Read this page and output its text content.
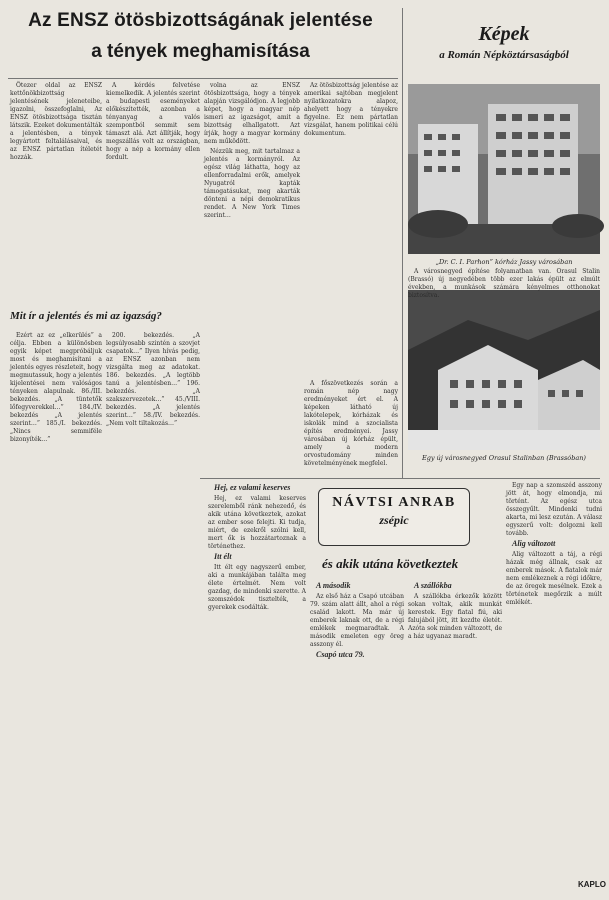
Az ENSZ ötösbizottságának jelentése
a tények meghamisítása
Képek
a Román Népköztársaságból

Ötezer oldal az ENSZ kettőnökbizottság jelentésének jeleneteibe, igazolni, összefoglalni, Az ENSZ ötösbizottsága tisztán látszik. Ezeket dokumentálták a jelentésben, a tények legyártott feltalálásaival, és az ENSZ pártatlan ítéletét hozzák.

A kérdés felvetése kiemelkedik. A jelentés szerint a budapesti eseményeket előkészítették, azonban a tényanyag a valós szempontból semmit sem támaszt alá. Azt állítják, hogy megszállás volt az országban, hogy a nép a kormány ellen fordult.

volna az ENSZ ötösbizottsága, hogy a tények alapján vizsgálódjon. A legjobb képet, hogy a magyar nép ismeri az igazságot, amit a bizottság elhallgatott. Azt írják, hogy a magyar kormány nem működött.

Nézzük meg, mit tartalmaz a jelentés a kormányról. Az egész világ láthatta, hogy az ellenforradalmi erők, amelyek Nyugatról kapták támogatásukat, meg akarták dönteni a népi demokratikus rendet. A New York Times szerint…

Az ötösbizottság jelentése az amerikai sajtóban megjelent nyilatkozatokra alapoz, ahelyett hogy a tényekre figyelne. Ez nem pártatlan vizsgálat, hanem politikai célú dokumentum.

Mit ír a jelentés és mi az igazság?

Ezért az ez „elkerülés” a célja. Ebben a különösben egyik képet megpróbáljuk most és meghamisítani a jelentés egyes részleteit, hogy megmutassuk, hogy a jelentés kijelentései nem valóságos tényeken alapulnak. 86./III. bekezdés. „A tüntetők lőfegyverekkel…” 184./IV. bekezdés „A jelentés szerint…” 185./I. bekezdés. „Nincs semmiféle bizonyíték…”

200. bekezdés. „A legsúlyosabb szintén a szovjet csapatok…” Ilyen hívás pedig, az ENSZ azonban nem vizsgálta meg az adatokat. 186. bekezdés. „A legtöbb tanú a jelentésben…” 196. bekezdés. „A szakszervezetek…” 45./VIII. bekezdés. „A jelentés szerint…” 58./IV. bekezdés. „Nem volt tiltakozás…”

„Dr. C. I. Parhon” kórház Jassy városában
Egy új városnegyed Orasul Stalinban (Brassóban)

Hej, ez valami keserves

Hej, ez valami keserves szerelemből ránk nehezedő, és akik utána következtek, azokat az ember sose felejti. Ki tudja, miért, de ezekről szólni kell, mert ők is hozzátartoznak a történethez.

Itt élt

Itt élt egy nagyszerű ember, aki a munkájában találta meg élete értelmét. Nem volt gazdag, de mindenki szerette. A szomszédok tisztelték, a gyerekek csodálták.

NÁVTSI ANRAB
zsépic
és akik utána következtek

A második

Az első ház a Csapó utcában 79. szám alatt állt, ahol a régi család lakott. Ma már új emberek laknak ott, de a régi emlékek megmaradtak. A második emeleten egy öreg asszony él.

Csapó utca 79.

A szállókba

A szállókba érkezők között sokan voltak, akik munkát kerestek. Egy fiatal fiú, aki falujából jött, itt kezdte életét. Azóta sok minden változott, de a ház ugyanaz maradt.

Egy nap a szomszéd asszony jött át, hogy elmondja, mi történt. Az egész utca összegyűlt. Mindenki tudni akarta, mi lesz ezután. A válasz egyszerű volt: dolgozni kell tovább.

Alig változott

Alig változott a táj, a régi házak még állnak, csak az emberek mások. A fiatalok már nem emlékeznek a régi időkre, de az öregek mesélnek. Ezek a történetek megőrzik a múlt emlékét.

A városnegyed építése folyamatban van. Orasul Stalin (Brassó) új negyedében több ezer lakás épült az elmúlt években, a munkások számára kényelmes otthonokat biztosítva.

A főszövetkezés során a román nép nagy eredményeket ért el. A képeken látható új lakótelepek, kórházak és iskolák mind a szocialista építés eredményei. Jassy városában új kórház épült, amely a modern orvostudomány minden követelményének megfelel.

KAPLO
